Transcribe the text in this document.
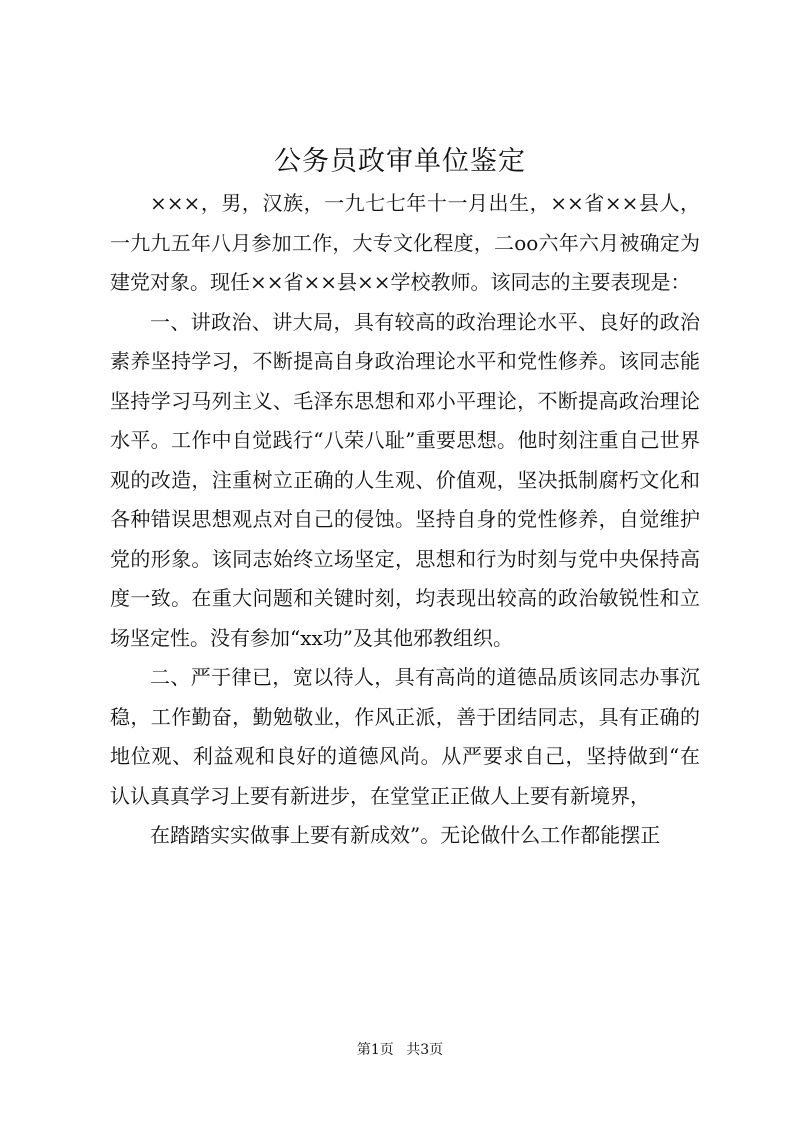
公务员政审单位鉴定

×××，男，汉族，一九七七年十一月出生，××省××县人，一九九五年八月参加工作，大专文化程度，二oo六年六月被确定为建党对象。现任××省××县××学校教师。该同志的主要表现是：

一、讲政治、讲大局，具有较高的政治理论水平、良好的政治素养坚持学习，不断提高自身政治理论水平和党性修养。该同志能坚持学习马列主义、毛泽东思想和邓小平理论，不断提高政治理论水平。工作中自觉践行“八荣八耻”重要思想。他时刻注重自己世界观的改造，注重树立正确的人生观、价值观，坚决抵制腐朽文化和各种错误思想观点对自己的侵蚀。坚持自身的党性修养，自觉维护党的形象。该同志始终立场坚定，思想和行为时刻与党中央保持高度一致。在重大问题和关键时刻，均表现出较高的政治敏锐性和立场坚定性。没有参加“xx功”及其他邪教组织。

二、严于律已，宽以待人，具有高尚的道德品质该同志办事沉稳，工作勤奋，勤勉敬业，作风正派，善于团结同志，具有正确的地位观、利益观和良好的道德风尚。从严要求自己，坚持做到“在认认真真学习上要有新进步，在堂堂正正做人上要有新境界，

在踏踏实实做事上要有新成效”。无论做什么工作都能摆正

第1页 共3页
